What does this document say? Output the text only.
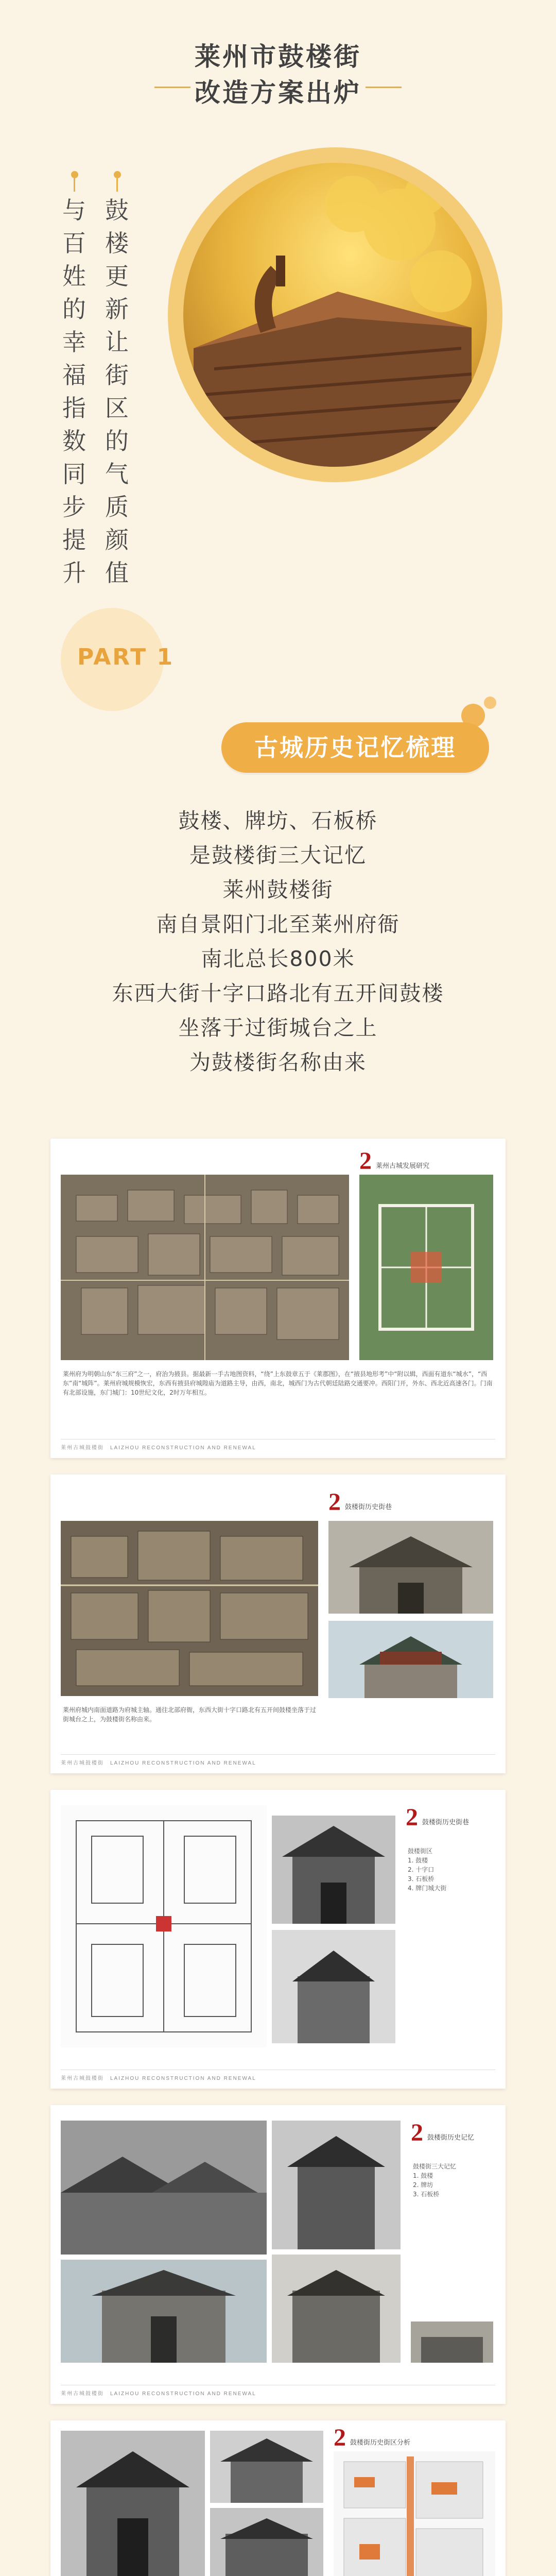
莱州市鼓楼街
改造方案出炉
鼓楼更新让街区的气质颜值
与百姓的幸福指数同步提升
PART 1
古城历史记忆梳理
鼓楼、牌坊、石板桥
是鼓楼街三大记忆
莱州鼓楼街
南自景阳门北至莱州府衙
南北总长800米
东西大街十字口路北有五开间鼓楼
坐落于过街城台之上
为鼓楼街名称由来
2 莱州古城发展研究
莱州府为明朝山东“东三府”之一，府治为掖县。据最新一手古地图资料，“绕”上东鼓章五于《莱郡图》，在“掖县地形考”中“附以辑，西面有道东“城水”，“西东”南“城阵”。莱州府城规模恢宏，东西有掖县府城隍庙为道路主导，由西，南北，城西门为古代朝廷陆路交通要冲。西阳门开，外东、西北近高速各门。门南有北部设施，东门城门：10世纪文化，2时万年相互。
莱州古城鼓楼街　LAIZHOU RECONSTRUCTION AND RENEWAL
2 鼓楼街历史街巷
莱州府城内南面道路为府城主轴。通往北部府衙，东西大街十字口路北有五开间鼓楼坐落于过街城台之上，为鼓楼街名称由来。
莱州古城鼓楼街　LAIZHOU RECONSTRUCTION AND RENEWAL
2 鼓楼街历史街巷
鼓楼街区
1. 鼓楼
2. 十字口
3. 石板桥
4. 牌门城大街
莱州古城鼓楼街　LAIZHOU RECONSTRUCTION AND RENEWAL
2 鼓楼街历史记忆
鼓楼街三大记忆
1. 鼓楼
2. 牌坊
3. 石板桥
莱州古城鼓楼街　LAIZHOU RECONSTRUCTION AND RENEWAL
2 鼓楼街历史街区分析
